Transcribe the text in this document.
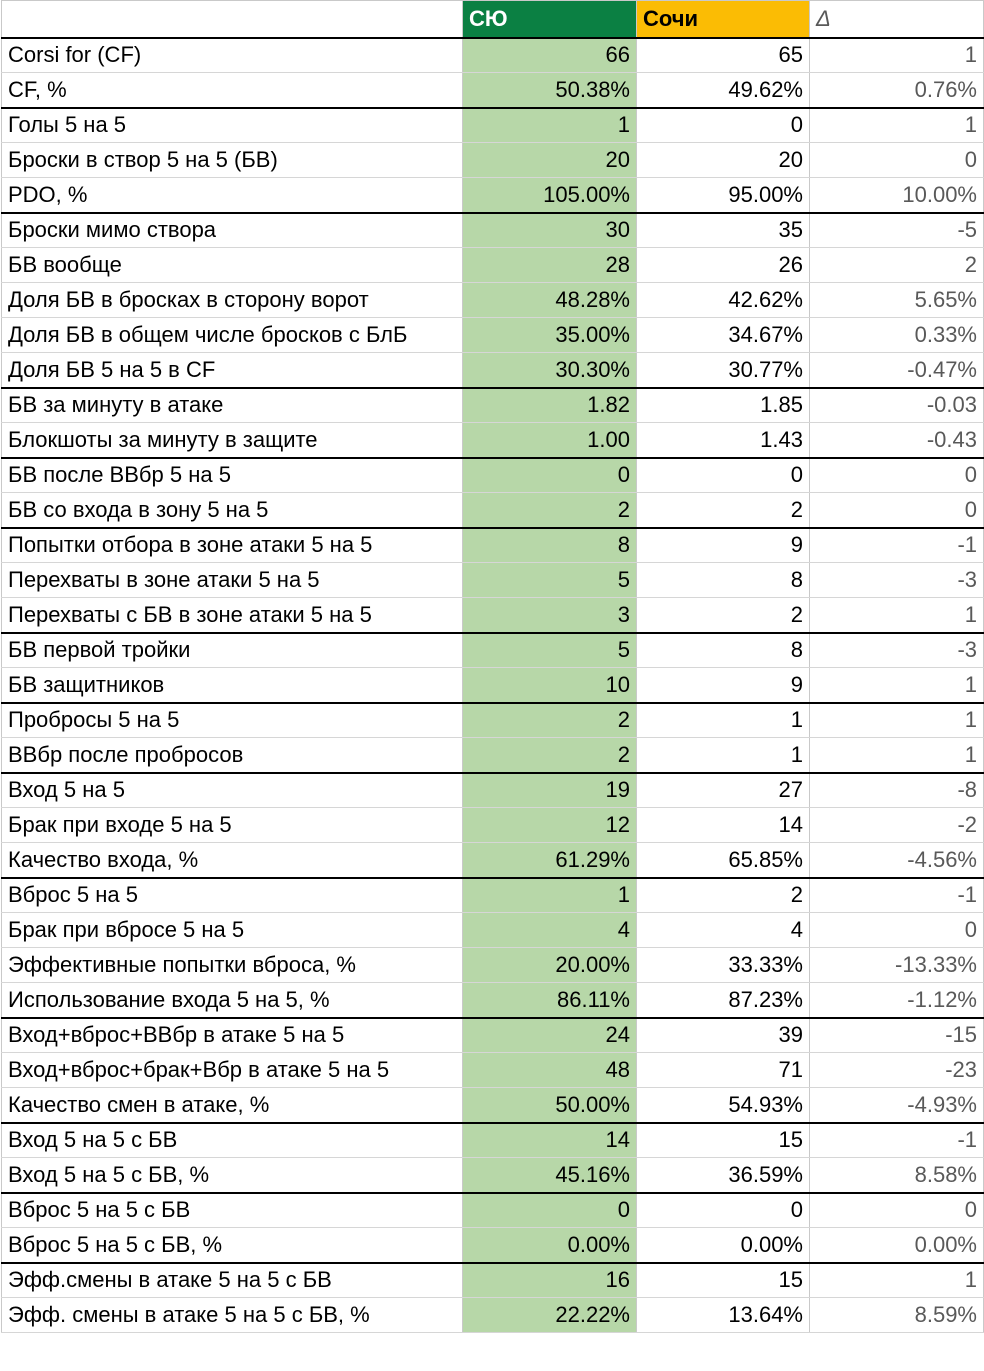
	СЮ	Сочи	Δ
Corsi for (CF)	66	65	1
CF, %	50.38%	49.62%	0.76%
Голы 5 на 5	1	0	1
Броски в створ 5 на 5 (БВ)	20	20	0
PDO, %	105.00%	95.00%	10.00%
Броски мимо створа	30	35	-5
БВ вообще	28	26	2
Доля БВ в бросках в сторону ворот	48.28%	42.62%	5.65%
Доля БВ в общем числе бросков с БлБ	35.00%	34.67%	0.33%
Доля БВ 5 на 5 в CF	30.30%	30.77%	-0.47%
БВ за минуту в атаке	1.82	1.85	-0.03
Блокшоты за минуту в защите	1.00	1.43	-0.43
БВ после ВВбр 5 на 5	0	0	0
БВ со входа в зону 5 на 5	2	2	0
Попытки отбора в зоне атаки 5 на 5	8	9	-1
Перехваты в зоне атаки 5 на 5	5	8	-3
Перехваты с БВ в зоне атаки 5 на 5	3	2	1
БВ первой тройки	5	8	-3
БВ защитников	10	9	1
Пробросы 5 на 5	2	1	1
ВВбр после пробросов	2	1	1
Вход 5 на 5	19	27	-8
Брак при входе 5 на 5	12	14	-2
Качество входа, %	61.29%	65.85%	-4.56%
Вброс 5 на 5	1	2	-1
Брак при вбросе 5 на 5	4	4	0
Эффективные попытки вброса, %	20.00%	33.33%	-13.33%
Использование входа 5 на 5, %	86.11%	87.23%	-1.12%
Вход+вброс+ВВбр в атаке 5 на 5	24	39	-15
Вход+вброс+брак+Вбр в атаке 5 на 5	48	71	-23
Качество смен в атаке, %	50.00%	54.93%	-4.93%
Вход 5 на 5 с БВ	14	15	-1
Вход 5 на 5 с БВ, %	45.16%	36.59%	8.58%
Вброс 5 на 5 с БВ	0	0	0
Вброс 5 на 5 с БВ, %	0.00%	0.00%	0.00%
Эфф.смены в атаке 5 на 5 с БВ	16	15	1
Эфф. смены в атаке 5 на 5 с БВ, %	22.22%	13.64%	8.59%
